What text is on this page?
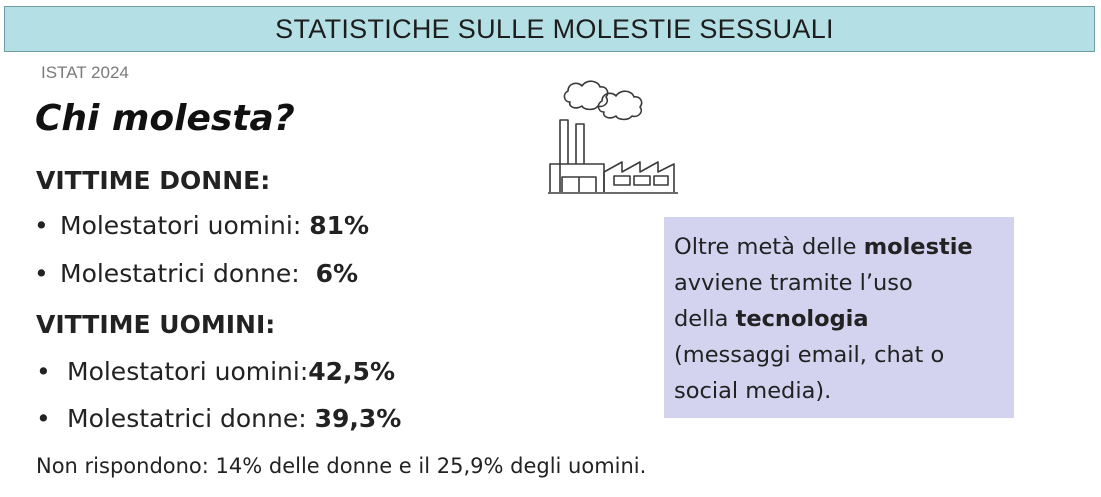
STATISTICHE SULLE MOLESTIE SESSUALI
ISTAT 2024
Chi molesta?
VITTIME DONNE:
• Molestatori uomini: 81%
• Molestatrici donne: 6%
VITTIME UOMINI:
• Molestatori uomini:42,5%
• Molestatrici donne: 39,3%
Non rispondono: 14% delle donne e il 25,9% degli uomini.
Oltre metà delle molestie
avviene tramite l’uso
della tecnologia
(messaggi email, chat o
social media).
